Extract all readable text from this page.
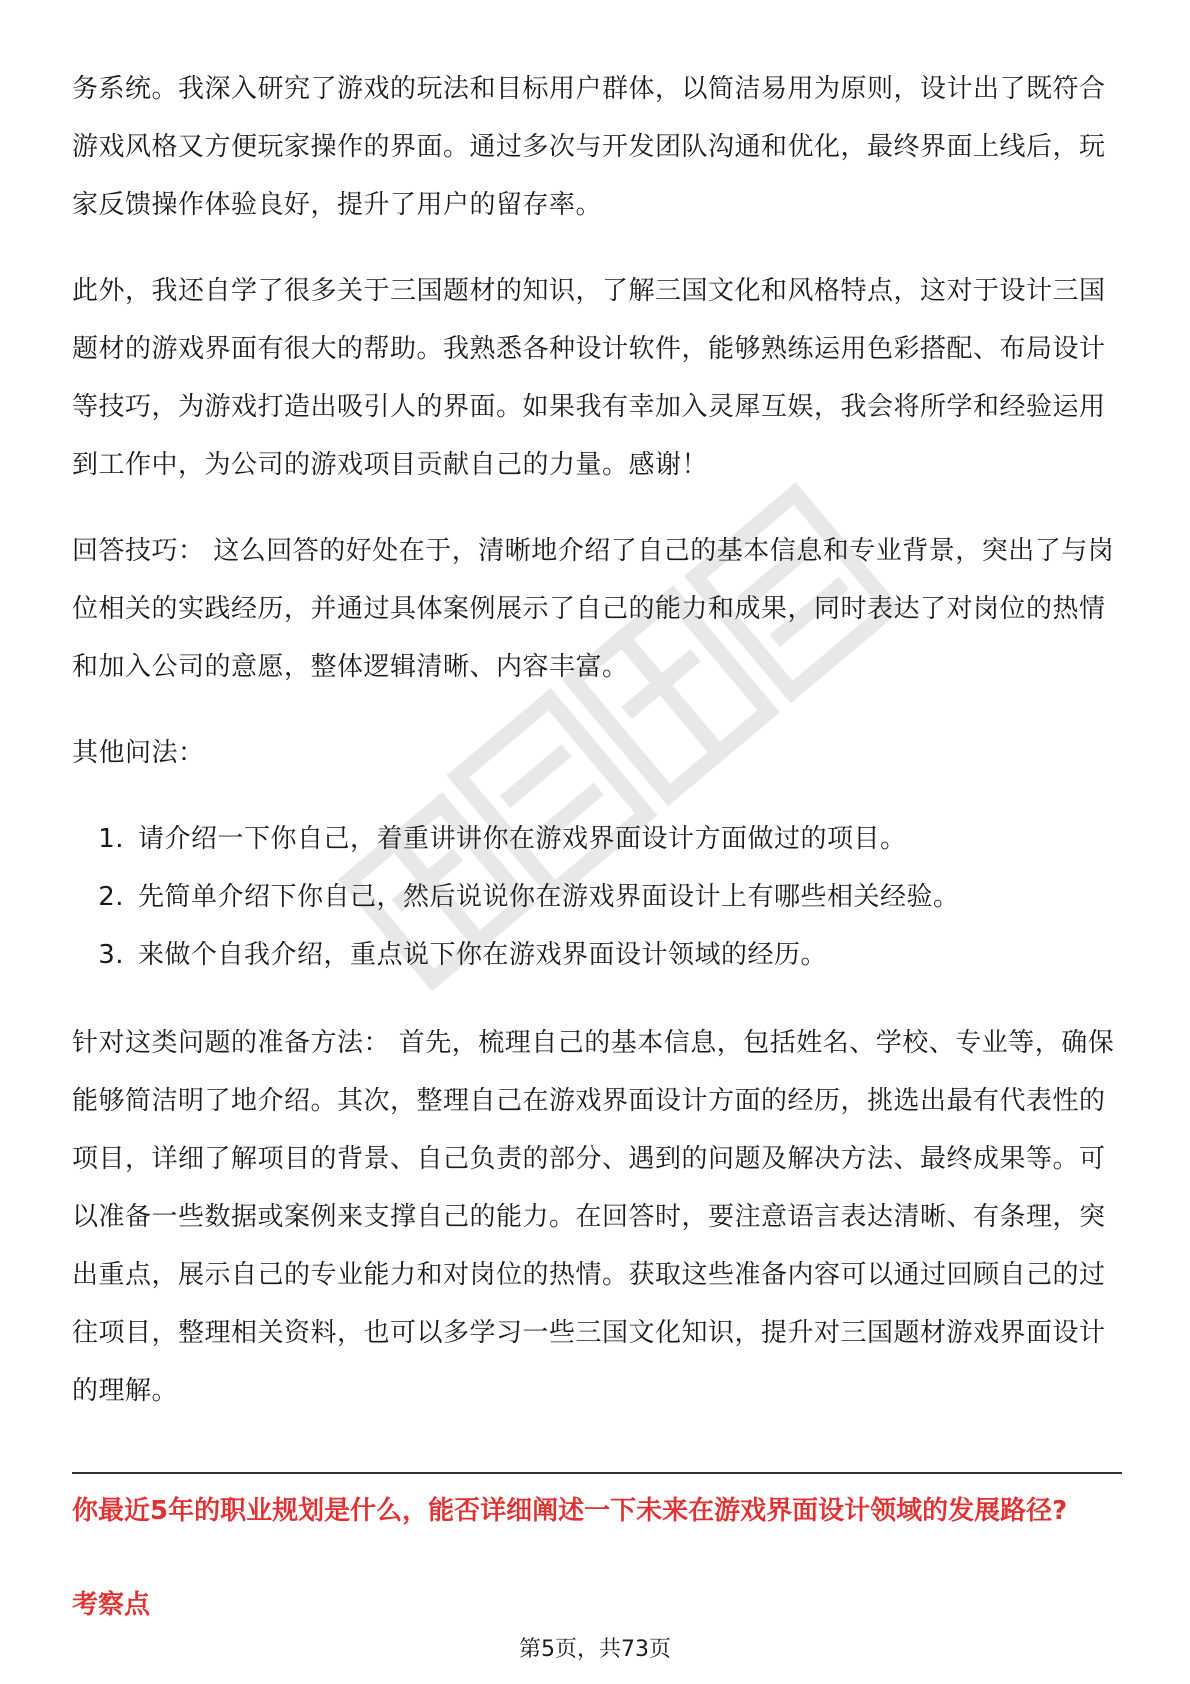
务系统。我深入研究了游戏的玩法和目标用户群体，以简洁易用为原则，设计出了既符合游戏风格又方便玩家操作的界面。通过多次与开发团队沟通和优化，最终界面上线后，玩家反馈操作体验良好，提升了用户的留存率。

此外，我还自学了很多关于三国题材的知识，了解三国文化和风格特点，这对于设计三国题材的游戏界面有很大的帮助。我熟悉各种设计软件，能够熟练运用色彩搭配、布局设计等技巧，为游戏打造出吸引人的界面。如果我有幸加入灵犀互娱，我会将所学和经验运用到工作中，为公司的游戏项目贡献自己的力量。感谢！

回答技巧： 这么回答的好处在于，清晰地介绍了自己的基本信息和专业背景，突出了与岗位相关的实践经历，并通过具体案例展示了自己的能力和成果，同时表达了对岗位的热情和加入公司的意愿，整体逻辑清晰、内容丰富。

其他问法：

1. 请介绍一下你自己，着重讲讲你在游戏界面设计方面做过的项目。
2. 先简单介绍下你自己，然后说说你在游戏界面设计上有哪些相关经验。
3. 来做个自我介绍，重点说下你在游戏界面设计领域的经历。

针对这类问题的准备方法： 首先，梳理自己的基本信息，包括姓名、学校、专业等，确保能够简洁明了地介绍。其次，整理自己在游戏界面设计方面的经历，挑选出最有代表性的项目，详细了解项目的背景、自己负责的部分、遇到的问题及解决方法、最终成果等。可以准备一些数据或案例来支撑自己的能力。在回答时，要注意语言表达清晰、有条理，突出重点，展示自己的专业能力和对岗位的热情。获取这些准备内容可以通过回顾自己的过往项目，整理相关资料，也可以多学习一些三国文化知识，提升对三国题材游戏界面设计的理解。

你最近5年的职业规划是什么，能否详细阐述一下未来在游戏界面设计领域的发展路径?
考察点
第5页，共73页
